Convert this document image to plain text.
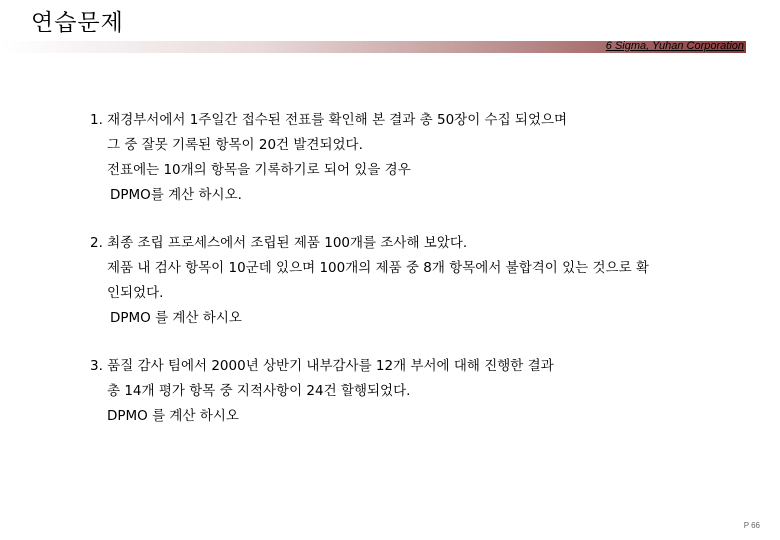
연습문제
6 Sigma, Yuhan Corporation
1. 재경부서에서 1주일간 접수된 전표를 확인해 본 결과 총 50장이 수집 되었으며
그 중 잘못 기록된 항목이 20건 발견되었다.
전표에는 10개의 항목을 기록하기로 되어 있을 경우
DPMO를 계산 하시오.
2. 최종 조립 프로세스에서 조립된 제품 100개를 조사해 보았다.
제품 내 검사 항목이 10군데 있으며 100개의 제품 중 8개 항목에서 불합격이 있는 것으로 확
인되었다.
DPMO 를 계산 하시오
3. 품질 감사 팀에서 2000년 상반기 내부감사를 12개 부서에 대해 진행한 결과
총 14개 평가 항목 중 지적사항이 24건 할행되었다.
DPMO 를 계산 하시오
P 66
